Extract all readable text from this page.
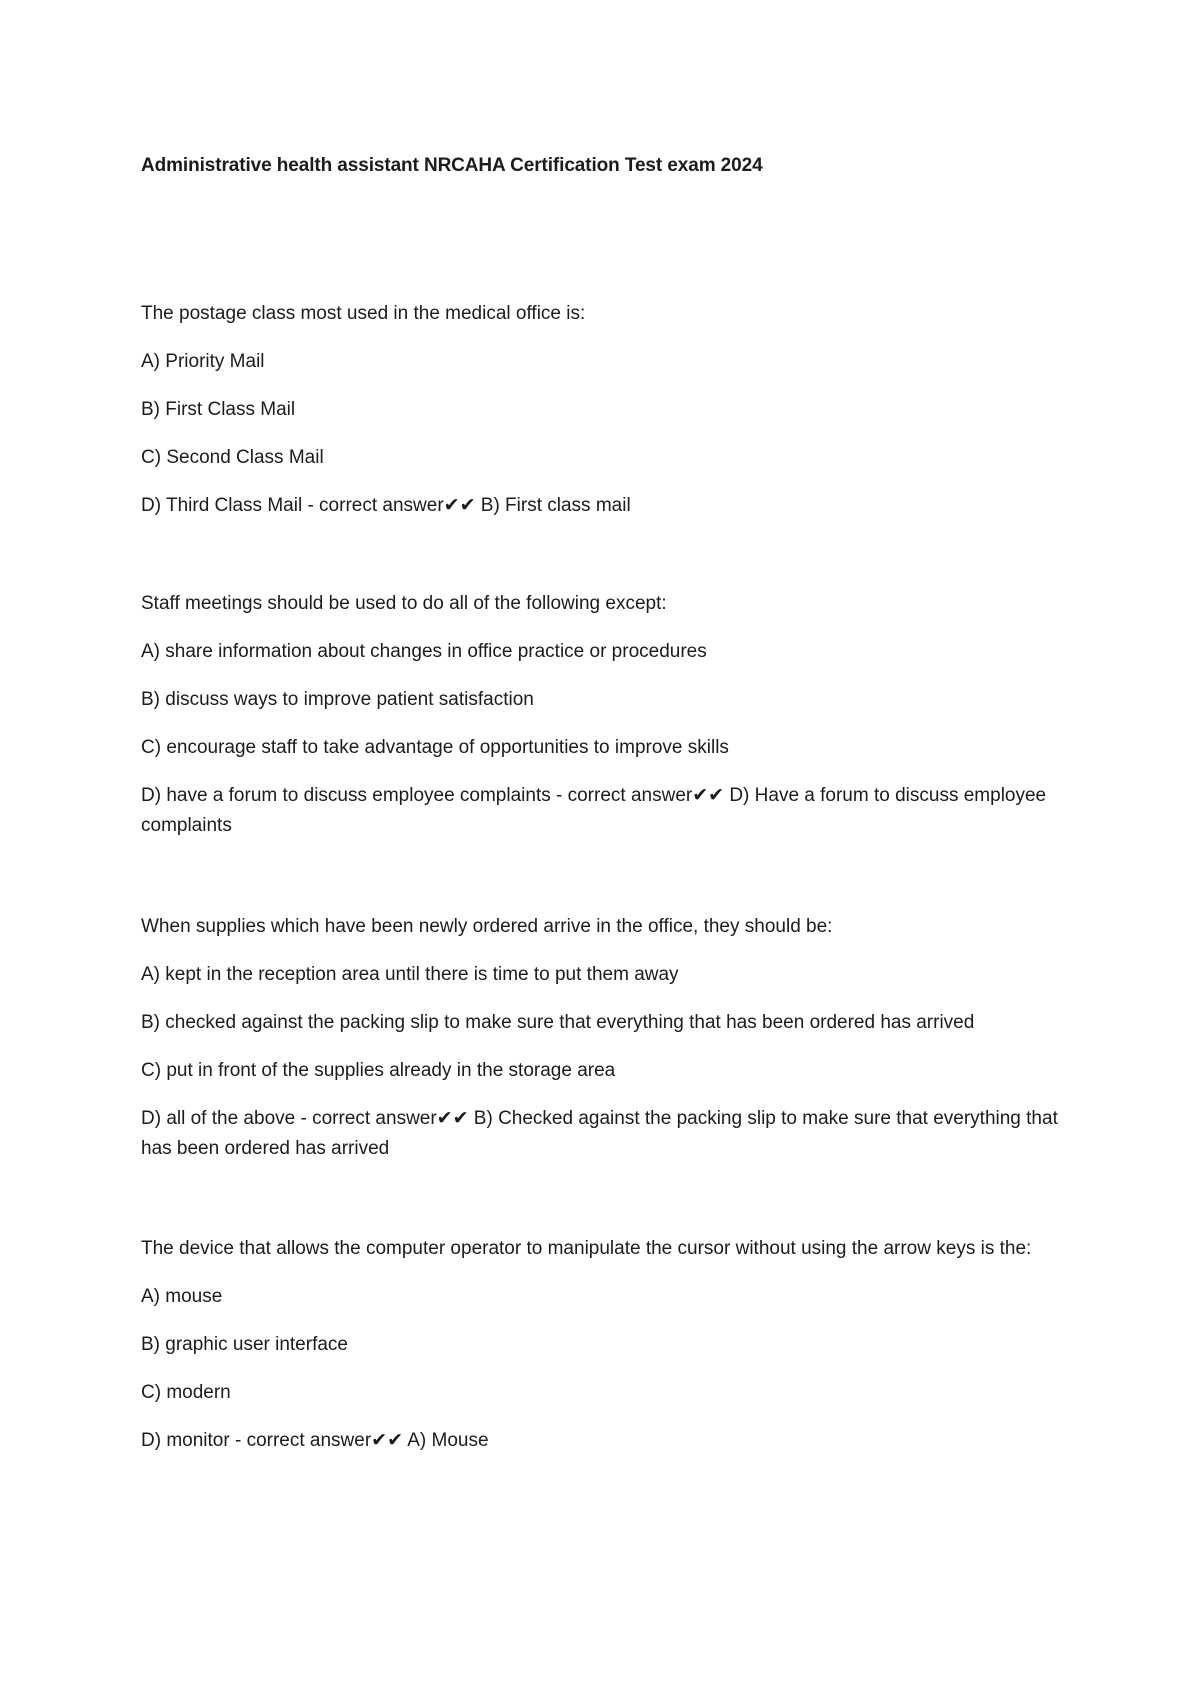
Administrative health assistant NRCAHA Certification Test exam 2024

The postage class most used in the medical office is:

A) Priority Mail

B) First Class Mail

C) Second Class Mail

D) Third Class Mail - correct answer✔✔ B) First class mail

Staff meetings should be used to do all of the following except:

A) share information about changes in office practice or procedures

B) discuss ways to improve patient satisfaction

C) encourage staff to take advantage of opportunities to improve skills

D) have a forum to discuss employee complaints - correct answer✔✔ D) Have a forum to discuss employee complaints

When supplies which have been newly ordered arrive in the office, they should be:

A) kept in the reception area until there is time to put them away

B) checked against the packing slip to make sure that everything that has been ordered has arrived

C) put in front of the supplies already in the storage area

D) all of the above - correct answer✔✔ B) Checked against the packing slip to make sure that everything that has been ordered has arrived

The device that allows the computer operator to manipulate the cursor without using the arrow keys is the:

A) mouse

B) graphic user interface

C) modern

D) monitor - correct answer✔✔ A) Mouse
